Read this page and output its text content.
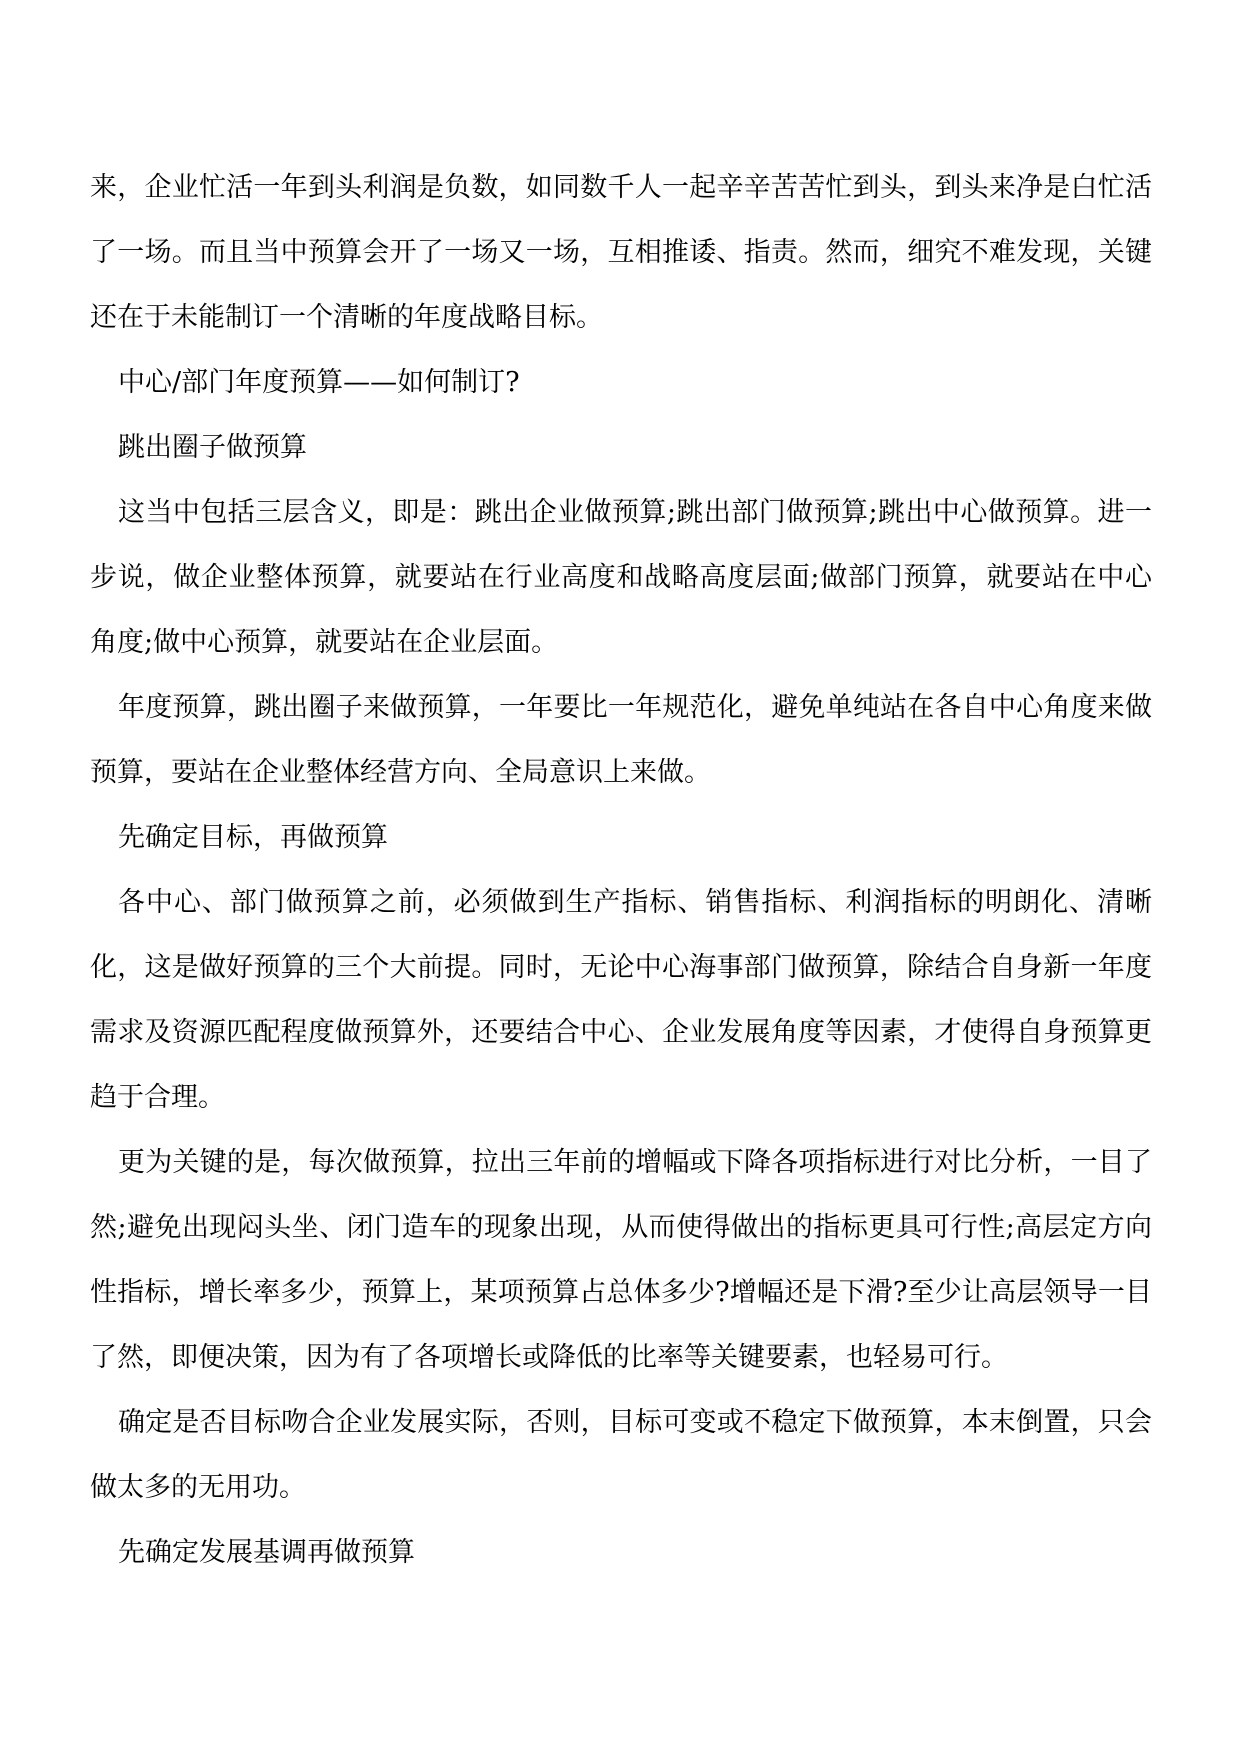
来，企业忙活一年到头利润是负数，如同数千人一起辛辛苦苦忙到头，到头来净是白忙活了一场。而且当中预算会开了一场又一场，互相推诿、指责。然而，细究不难发现，关键还在于未能制订一个清晰的年度战略目标。

中心/部门年度预算——如何制订?

跳出圈子做预算

这当中包括三层含义，即是：跳出企业做预算;跳出部门做预算;跳出中心做预算。进一步说，做企业整体预算，就要站在行业高度和战略高度层面;做部门预算，就要站在中心角度;做中心预算，就要站在企业层面。

年度预算，跳出圈子来做预算，一年要比一年规范化，避免单纯站在各自中心角度来做预算，要站在企业整体经营方向、全局意识上来做。

先确定目标，再做预算

各中心、部门做预算之前，必须做到生产指标、销售指标、利润指标的明朗化、清晰化，这是做好预算的三个大前提。同时，无论中心海事部门做预算，除结合自身新一年度需求及资源匹配程度做预算外，还要结合中心、企业发展角度等因素，才使得自身预算更趋于合理。

更为关键的是，每次做预算，拉出三年前的增幅或下降各项指标进行对比分析，一目了然;避免出现闷头坐、闭门造车的现象出现，从而使得做出的指标更具可行性;高层定方向性指标，增长率多少，预算上，某项预算占总体多少?增幅还是下滑?至少让高层领导一目了然，即便决策，因为有了各项增长或降低的比率等关键要素，也轻易可行。

确定是否目标吻合企业发展实际，否则，目标可变或不稳定下做预算，本末倒置，只会做太多的无用功。

先确定发展基调再做预算
